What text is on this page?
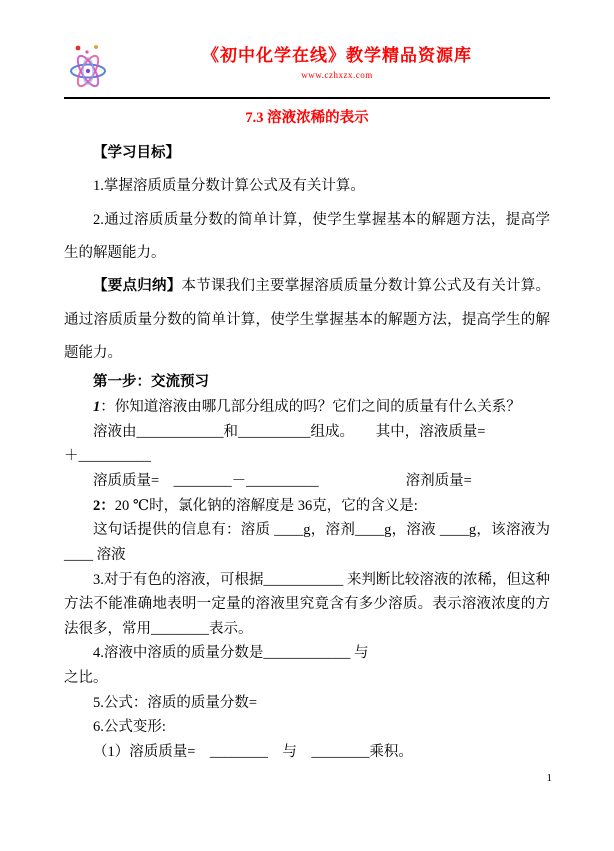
《初中化学在线》教学精品资源库
www.czhxzx.com
7.3 溶液浓稀的表示

【学习目标】

1.掌握溶质质量分数计算公式及有关计算。

2.通过溶质质量分数的简单计算，使学生掌握基本的解题方法，提高学生的解题能力。

【要点归纳】本节课我们主要掌握溶质质量分数计算公式及有关计算。通过溶质质量分数的简单计算，使学生掌握基本的解题方法，提高学生的解题能力。

第一步：交流预习

1：你知道溶液由哪几部分组成的吗？它们之间的质量有什么关系？

溶液由____________和__________组成。　　其中，溶液质量=

＋__________

溶质质量=　________－__________　　　　　　溶剂质量=

2：20 ℃时，氯化钠的溶解度是 36克，它的含义是:

这句话提供的信息有：溶质 ____g，溶剂____g，溶液 ____g，该溶液为 ____ 溶液

3.对于有色的溶液，可根据___________ 来判断比较溶液的浓稀，但这种方法不能准确地表明一定量的溶液里究竟含有多少溶质。表示溶液浓度的方法很多，常用________表示。

4.溶液中溶质的质量分数是____________ 与

之比。

5.公式：溶质的质量分数=

6.公式变形:

（1）溶质质量=　________　与　________乘积。

1
